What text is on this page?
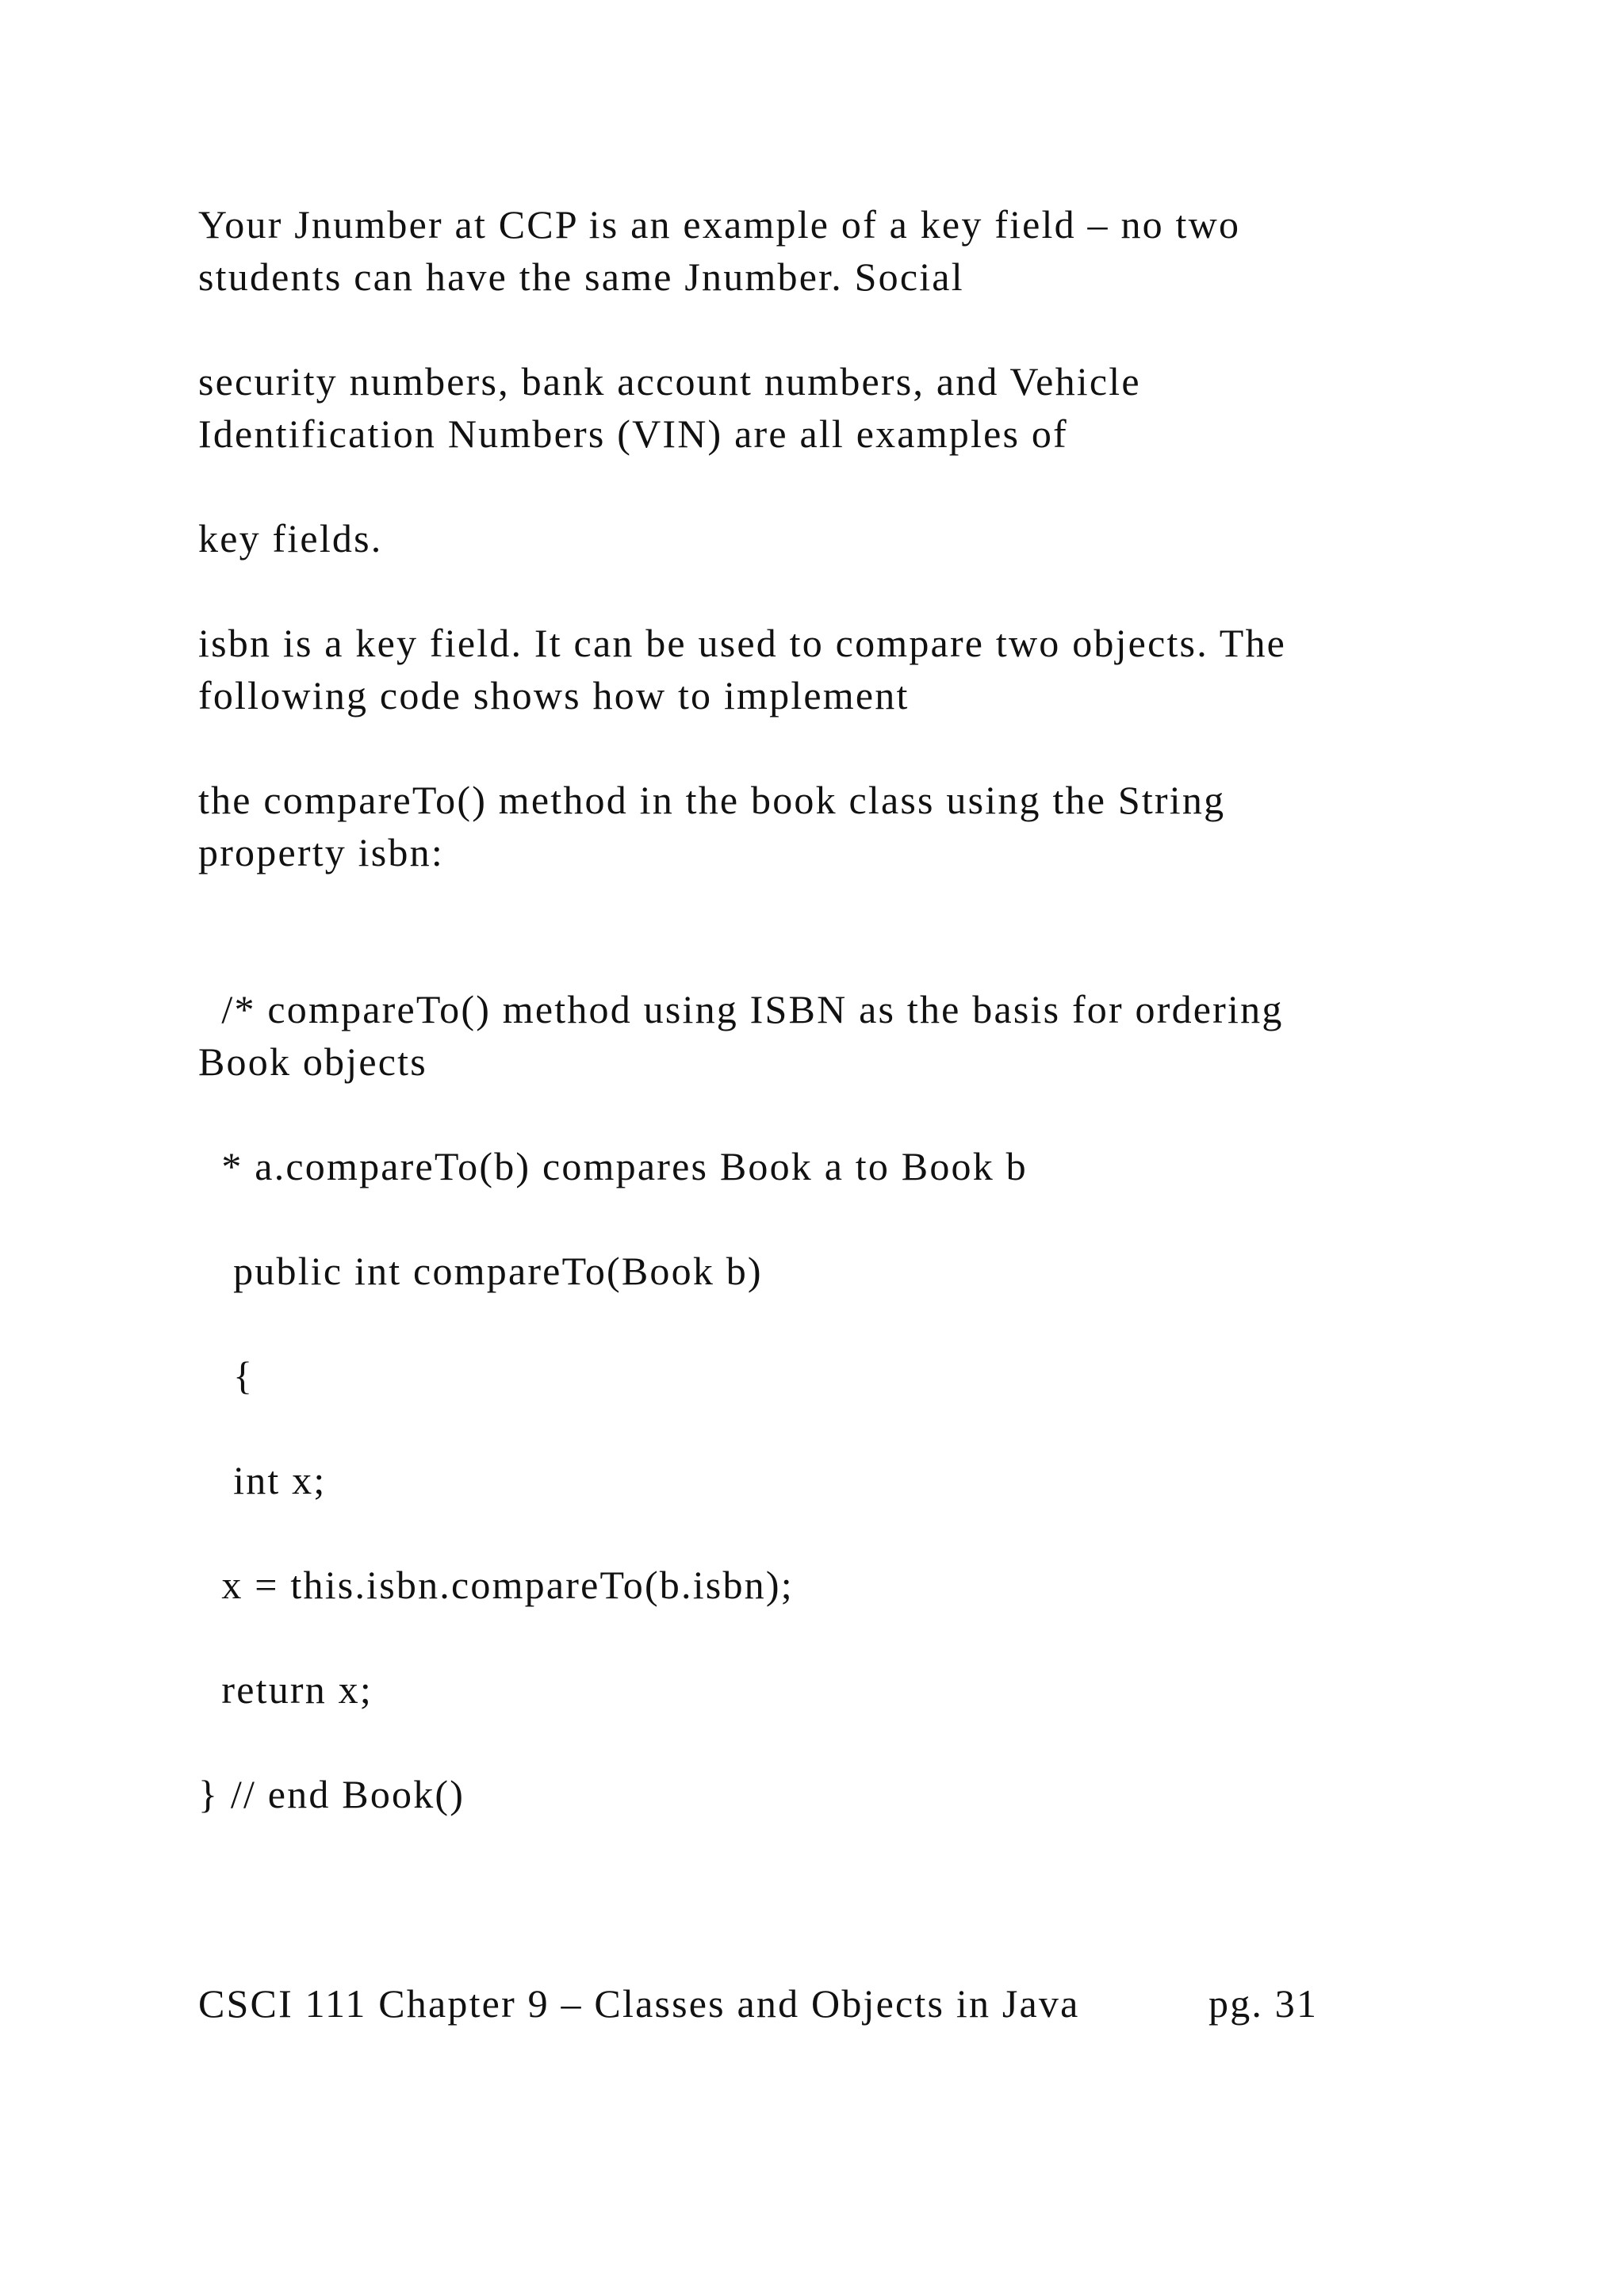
Your Jnumber at CCP is an example of a key field – no two

students can have the same Jnumber. Social

security numbers, bank account numbers, and Vehicle

Identification Numbers (VIN) are all examples of

key fields.

isbn is a key field. It can be used to compare two objects. The

following code shows how to implement

the compareTo() method in the book class using the String

property isbn:

/* compareTo() method using ISBN as the basis for ordering

Book objects

* a.compareTo(b) compares Book a to Book b

public int compareTo(Book b)

{

int x;

x = this.isbn.compareTo(b.isbn);

return x;

} // end Book()

CSCI 111 Chapter 9 – Classes and Objects in Java	pg. 31
